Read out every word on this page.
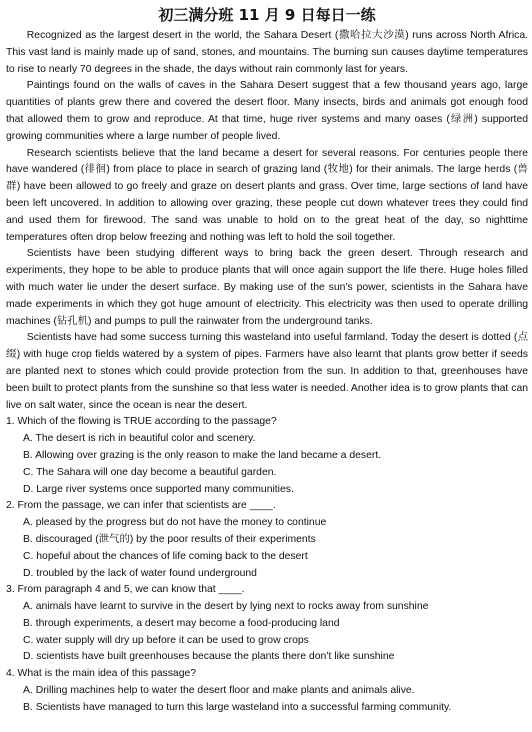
初三满分班 11 月 9 日每日一练

Recognized as the largest desert in the world, the Sahara Desert (撒哈拉大沙漠) runs across North Africa. This vast land is mainly made up of sand, stones, and mountains. The burning sun causes daytime temperatures to rise to nearly 70 degrees in the shade, the days without rain commonly last for years.

Paintings found on the walls of caves in the Sahara Desert suggest that a few thousand years ago, large quantities of plants grew there and covered the desert floor. Many insects, birds and animals got enough food that allowed them to grow and reproduce. At that time, huge river systems and many oases (绿洲) supported growing communities where a large number of people lived.

Research scientists believe that the land became a desert for several reasons. For centuries people there have wandered (徘徊) from place to place in search of grazing land (牧地) for their animals. The large herds (兽群) have been allowed to go freely and graze on desert plants and grass. Over time, large sections of land have been left uncovered. In addition to allowing over grazing, these people cut down whatever trees they could find and used them for firewood. The sand was unable to hold on to the great heat of the day, so nighttime temperatures often drop below freezing and nothing was left to hold the soil together.

Scientists have been studying different ways to bring back the green desert. Through research and experiments, they hope to be able to produce plants that will once again support the life there. Huge holes filled with much water lie under the desert surface. By making use of the sun’s power, scientists in the Sahara have made experiments in which they got huge amount of electricity. This electricity was then used to operate drilling machines (钻孔机) and pumps to pull the rainwater from the underground tanks.

Scientists have had some success turning this wasteland into useful farmland. Today the desert is dotted (点缀) with huge crop fields watered by a system of pipes. Farmers have also learnt that plants grow better if seeds are planted next to stones which could provide protection from the sun. In addition to that, greenhouses have been built to protect plants from the sunshine so that less water is needed. Another idea is to grow plants that can live on salt water, since the ocean is near the desert.

1. Which of the flowing is TRUE according to the passage?

A. The desert is rich in beautiful color and scenery.

B. Allowing over grazing is the only reason to make the land became a desert.

C. The Sahara will one day become a beautiful garden.

D. Large river systems once supported many communities.

2. From the passage, we can infer that scientists are ____.

A. pleased by the progress but do not have the money to continue

B. discouraged (泄气的) by the poor results of their experiments

C. hopeful about the chances of life coming back to the desert

D. troubled by the lack of water found underground

3. From paragraph 4 and 5, we can know that ____.

A. animals have learnt to survive in the desert by lying next to rocks away from sunshine

B. through experiments, a desert may become a food-producing land

C. water supply will dry up before it can be used to grow crops

D. scientists have built greenhouses because the plants there don’t like sunshine

4. What is the main idea of this passage?

A. Drilling machines help to water the desert floor and make plants and animals alive.

B. Scientists have managed to turn this large wasteland into a successful farming community.
